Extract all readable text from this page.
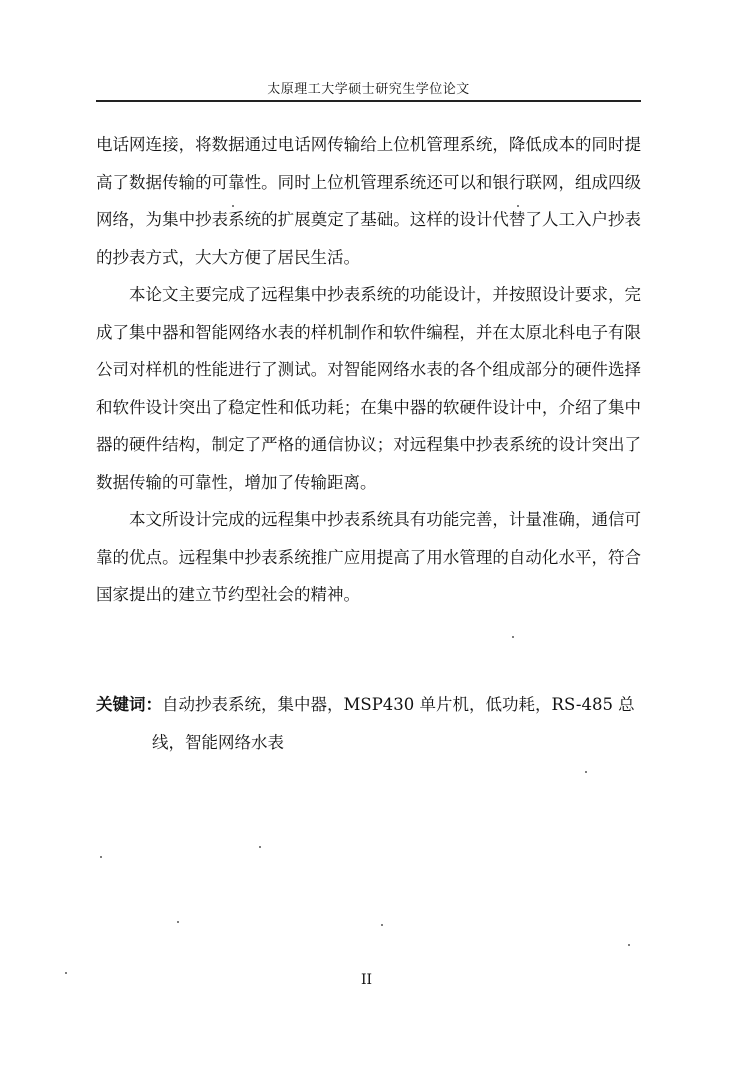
太原理工大学硕士研究生学位论文

电话网连接，将数据通过电话网传输给上位机管理系统，降低成本的同时提高了数据传输的可靠性。同时上位机管理系统还可以和银行联网，组成四级网络，为集中抄表系统的扩展奠定了基础。这样的设计代替了人工入户抄表的抄表方式，大大方便了居民生活。

本论文主要完成了远程集中抄表系统的功能设计，并按照设计要求，完成了集中器和智能网络水表的样机制作和软件编程，并在太原北科电子有限公司对样机的性能进行了测试。对智能网络水表的各个组成部分的硬件选择和软件设计突出了稳定性和低功耗；在集中器的软硬件设计中，介绍了集中器的硬件结构，制定了严格的通信协议；对远程集中抄表系统的设计突出了数据传输的可靠性，增加了传输距离。

本文所设计完成的远程集中抄表系统具有功能完善，计量准确，通信可靠的优点。远程集中抄表系统推广应用提高了用水管理的自动化水平，符合国家提出的建立节约型社会的精神。

关键词：自动抄表系统，集中器，MSP430 单片机，低功耗，RS-485 总
线，智能网络水表
II
